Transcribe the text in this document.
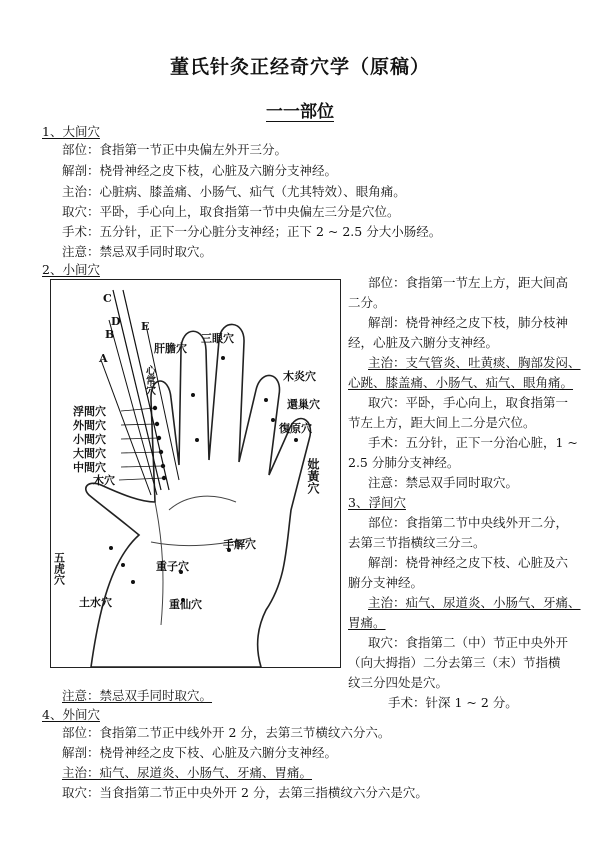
董氏针灸正经奇穴学（原稿）
一一部位
1、大间穴
部位：食指第一节正中央偏左外开三分。
解剖：桡骨神经之皮下枝，心脏及六腑分支神经。
主治：心脏病、膝盖痛、小肠气、疝气（尤其特效）、眼角痛。
取穴：平卧，手心向上，取食指第一节中央偏左三分是穴位。
手术：五分针，正下一分心脏分支神经；正下 2 ~ 2.5 分大小肠经。
注意：禁忌双手同时取穴。
2、小间穴
C
D
B
E
A
浮間穴
外間穴
小間穴
大間穴
中間穴
木穴
肝膽穴
心常穴
三眼穴
木炎穴
還巢穴
復原穴
妣黃穴
五虎穴	重子穴
手解穴
重仙穴
土水穴
部位：食指第一节左上方，距大间高
二分。
解剖：桡骨神经之皮下枝，肺分枝神
经，心脏及六腑分支神经。
主治：支气管炎、吐黄痰、胸部发闷、
心跳、膝盖痛、小肠气、疝气、眼角痛。
取穴：平卧，手心向上，取食指第一
节左上方，距大间上二分是穴位。
手术：五分针，正下一分治心脏，1 ~
2.5 分肺分支神经。
注意：禁忌双手同时取穴。
3、浮间穴
部位：食指第二节中央线外开二分，
去第三节指横纹三分三。
解剖：桡骨神经之皮下枝、心脏及六
腑分支神经。
主治：疝气、尿道炎、小肠气、牙痛、
胃痛。
取穴：食指第二（中）节正中央外开
（向大拇指）二分去第三（末）节指横
纹三分四处是穴。
手术：针深 1 ~ 2 分。
注意：禁忌双手同时取穴。
4、外间穴
部位：食指第二节正中线外开 2 分，去第三节横纹六分六。
解剖：桡骨神经之皮下枝、心脏及六腑分支神经。
主治：疝气、尿道炎、小肠气、牙痛、胃痛。
取穴：当食指第二节正中央外开 2 分，去第三指横纹六分六是穴。
